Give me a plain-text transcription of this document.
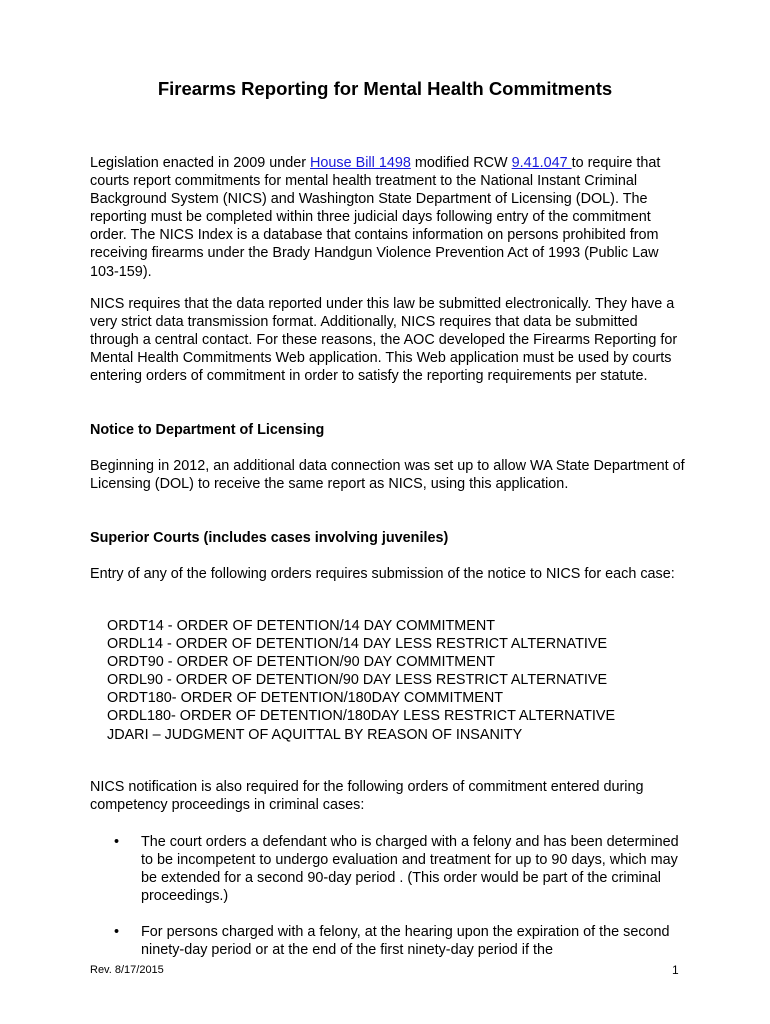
Firearms Reporting for Mental Health Commitments

Legislation enacted in 2009 under House Bill 1498 modified RCW 9.41.047 to require that courts report commitments for mental health treatment to the National Instant Criminal Background System (NICS) and Washington State Department of Licensing (DOL). The reporting must be completed within three judicial days following entry of the commitment order. The NICS Index is a database that contains information on persons prohibited from receiving firearms under the Brady Handgun Violence Prevention Act of 1993 (Public Law 103-159).

NICS requires that the data reported under this law be submitted electronically. They have a very strict data transmission format. Additionally, NICS requires that data be submitted through a central contact. For these reasons, the AOC developed the Firearms Reporting for Mental Health Commitments Web application. This Web application must be used by courts entering orders of commitment in order to satisfy the reporting requirements per statute.

Notice to Department of Licensing

Beginning in 2012, an additional data connection was set up to allow WA State Department of Licensing (DOL) to receive the same report as NICS, using this application.

Superior Courts (includes cases involving juveniles)

Entry of any of the following orders requires submission of the notice to NICS for each case:

ORDT14 - ORDER OF DETENTION/14 DAY COMMITMENT
ORDL14 - ORDER OF DETENTION/14 DAY LESS RESTRICT ALTERNATIVE
ORDT90 - ORDER OF DETENTION/90 DAY COMMITMENT
ORDL90 - ORDER OF DETENTION/90 DAY LESS RESTRICT ALTERNATIVE
ORDT180- ORDER OF DETENTION/180DAY COMMITMENT
ORDL180- ORDER OF DETENTION/180DAY LESS RESTRICT ALTERNATIVE
JDARI – JUDGMENT OF AQUITTAL BY REASON OF INSANITY

NICS notification is also required for the following orders of commitment entered during competency proceedings in criminal cases:

• The court orders a defendant who is charged with a felony and has been determined to be incompetent to undergo evaluation and treatment for up to 90 days, which may be extended for a second 90-day period . (This order would be part of the criminal proceedings.)
• For persons charged with a felony, at the hearing upon the expiration of the second ninety-day period or at the end of the first ninety-day period if the
Rev. 8/17/2015	1
